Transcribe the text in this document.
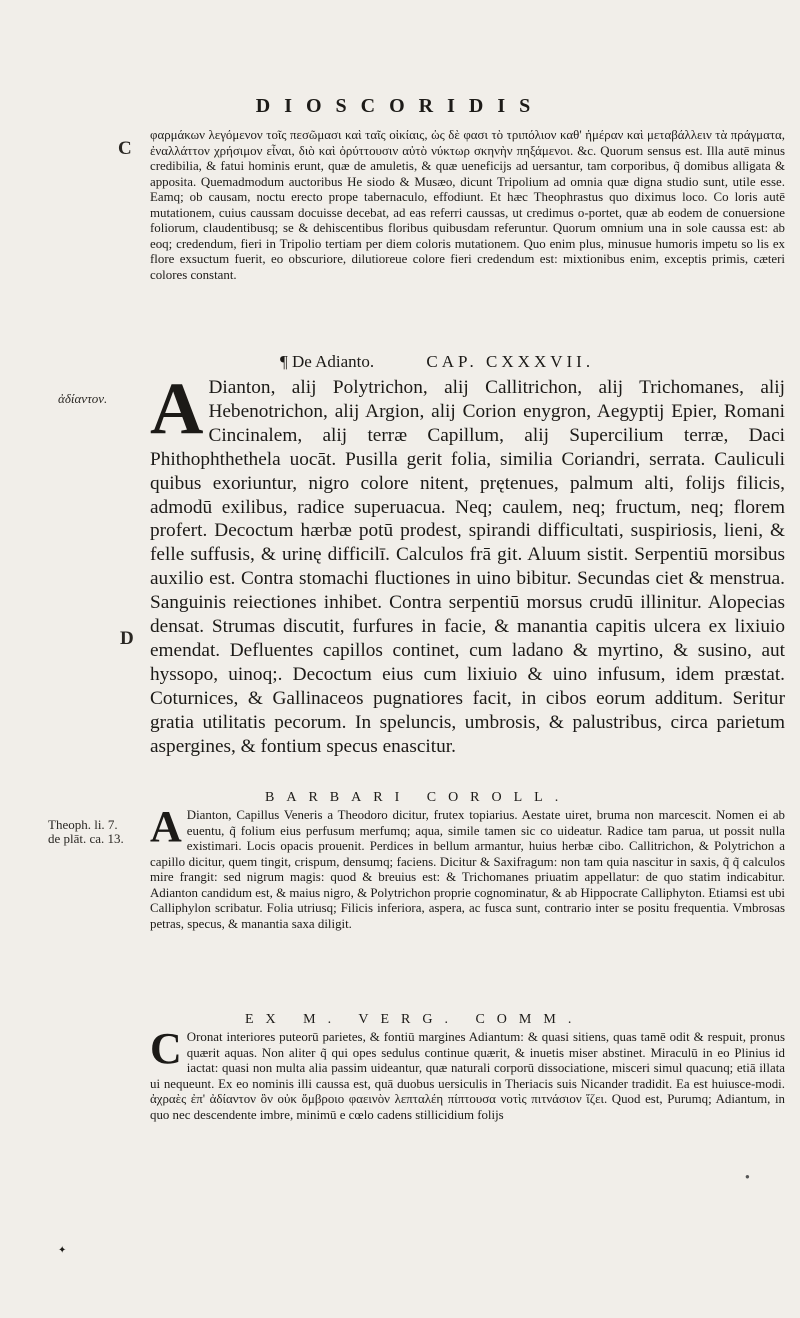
DIOSCORIDIS
C

φαρμάκων λεγόμενον τοῖς πεσῶμασι καὶ ταῖς οἰκίαις, ὡς δὲ φασι τὸ τριπόλιον καθ' ἡμέραν καὶ μεταβάλλειν τὰ πράγματα, ἐναλλάττον χρήσιμον εἶναι, διὸ καὶ ὀρύττουσιν αὐτὸ νύκτωρ σκηνὴν πηξάμενοι. &c. Quorum sensus est. Illa autē minus credibilia, & fatui hominis erunt, quæ de amuletis, & quæ ueneficijs ad uersantur, tam corporibus, q̃ domibus alligata & apposita. Quemadmodum auctoribus He siodo & Musæo, dicunt Tripolium ad omnia quæ digna studio sunt, utile esse. Eamq; ob causam, noctu erecto prope tabernaculo, effodiunt. Et hæc Theophrastus quo diximus loco. Co loris autē mutationem, cuius caussam docuisse decebat, ad eas referri caussas, ut credimus o-portet, quæ ab eodem de conuersione foliorum, claudentibusq; se & dehiscentibus floribus quibusdam referuntur. Quorum omnium una in sole caussa est: ab eoq; credendum, fieri in Tripolio tertiam per diem coloris mutationem. Quo enim plus, minusue humoris impetu so lis ex flore exsuctum fuerit, eo obscuriore, dilutioreue colore fieri credendum est: mixtionibus enim, exceptis primis, cæteri colores constant.

¶ De Adianto.	CAP. CXXXVII.
ἀδίαντον. A Dianton, alij Polytrichon, alij Callitrichon, alij Trichomanes, alij Hebenotrichon, alij Argion, alij Corion enygron, Aegyptij Epier, Romani Cincinalem, alij terræ Capillum, alij Supercilium terræ, Daci Phithophthethela uocāt. Pusilla gerit folia, similia Coriandri, serrata. Cauliculi quibus exoriuntur, nigro colore nitent, prętenues, palmum alti, folijs filicis, admodū exilibus, radice superuacua. Neq; caulem, neq; fructum, neq; florem profert. Decoctum hærbæ potū prodest, spirandi difficultati, suspiriosis, lieni, & felle suffusis, & urinę difficilī. Calculos frā git. Aluum sistit. Serpentiū morsibus auxilio est. Contra stomachi fluctiones in uino bibitur. Secundas ciet & menstrua. Sanguinis reiectiones inhibet. Contra serpentiū morsus crudū illinitur. Alopecias densat. Strumas discutit, furfures in facie, & manantia capitis ulcera ex lixiuio emendat. Defluentes capillos continet, cum ladano & myrtino, & susino, aut hyssopo, uinoq;. Decoctum eius cum lixiuio & uino infusum, idem præstat. Coturnices, & Gallinaceos pugnatiores facit, in cibos eorum additum. Seritur gratia utilitatis pecorum. In speluncis, umbrosis, & palustribus, circa parietum aspergines, & fontium specus enascitur.
D
BARBARI COROLL.
Theoph. li. 7.
de plāt. ca. 13. A Dianton, Capillus Veneris a Theodoro dicitur, frutex topiarius. Aestate uiret, bruma non marcescit. Nomen ei ab euentu, q̃ folium eius perfusum merfumq; aqua, simile tamen sic co uideatur. Radice tam parua, ut possit nulla existimari. Locis opacis prouenit. Perdices in bellum armantur, huius herbæ cibo. Callitrichon, & Polytrichon a capillo dicitur, quem tingit, crispum, densumq; faciens. Dicitur & Saxifragum: non tam quia nascitur in saxis, q̃ q̃ calculos mire frangit: sed nigrum magis: quod & breuius est: & Trichomanes priuatim appellatur: de quo statim indicabitur. Adianton candidum est, & maius nigro, & Polytrichon proprie cognominatur, & ab Hippocrate Calliphyton. Etiamsi est ubi Calliphylon scribatur. Folia utriusq; Filicis inferiora, aspera, ac fusca sunt, contrario inter se positu frequentia. Vmbrosas petras, specus, & manantia saxa diligit.
EX M. VERG. COMM.
C Oronat interiores puteorū parietes, & fontiū margines Adiantum: & quasi sitiens, quas tamē odit & respuit, pronus quærit aquas. Non aliter q̃ qui opes sedulus continue quærit, & inuetis miser abstinet. Miraculū in eo Plinius id iactat: quasi non multa alia passim uideantur, quæ naturali corporū dissociatione, misceri simul quacunq; etiā illata ui nequeunt. Ex eo nominis illi caussa est, quā duobus uersiculis in Theriacis suis Nicander tradidit. Ea est huiusce-modi. ἀχραὲς ἐπ' ἀδίαντον ὃν οὐκ ὄμβροιο φαεινὸν λεπταλέη πίπτουσα νοτὶς πιτνάσιον ἵζει. Quod est, Purumq; Adiantum, in quo nec descendente imbre, minimū e cœlo cadens stillicidium folijs
✦
●
